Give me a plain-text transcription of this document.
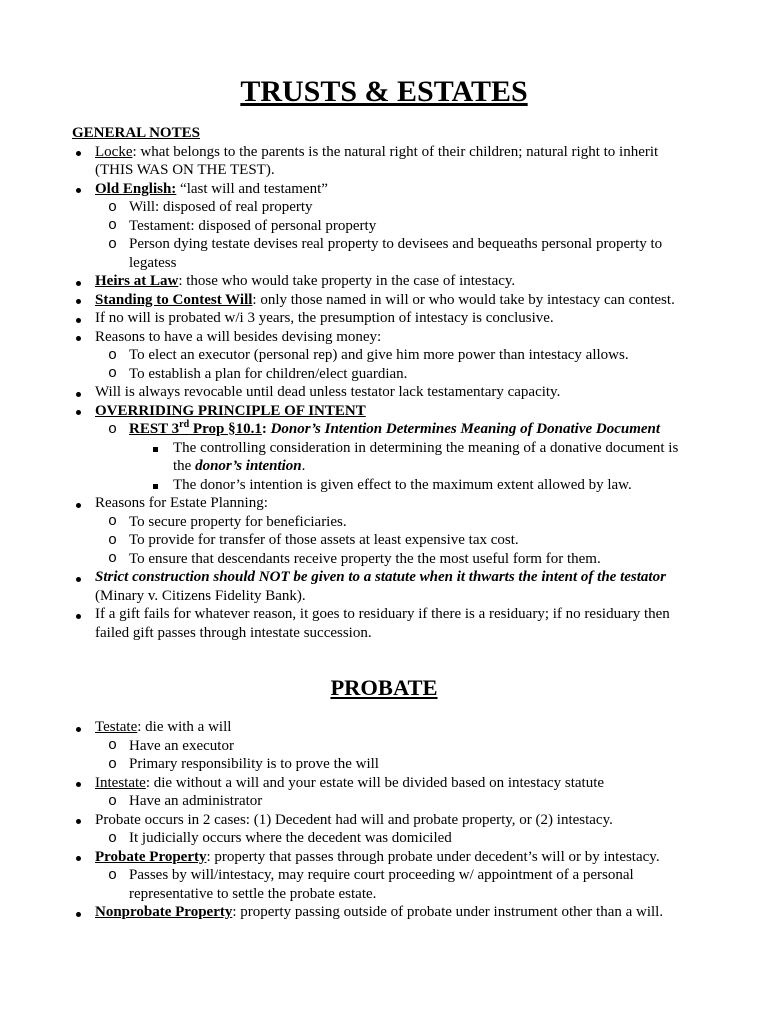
TRUSTS & ESTATES
GENERAL NOTES
Locke: what belongs to the parents is the natural right of their children; natural right to inherit (THIS WAS ON THE TEST).
Old English: “last will and testament”
o Will: disposed of real property
o Testament: disposed of personal property
o Person dying testate devises real property to devisees and bequeaths personal property to legatess
Heirs at Law: those who would take property in the case of intestacy.
Standing to Contest Will: only those named in will or who would take by intestacy can contest.
If no will is probated w/i 3 years, the presumption of intestacy is conclusive.
Reasons to have a will besides devising money:
o To elect an executor (personal rep) and give him more power than intestacy allows.
o To establish a plan for children/elect guardian.
Will is always revocable until dead unless testator lack testamentary capacity.
OVERRIDING PRINCIPLE OF INTENT
o REST 3rd Prop §10.1: Donor’s Intention Determines Meaning of Donative Document
The controlling consideration in determining the meaning of a donative document is the donor’s intention.
The donor’s intention is given effect to the maximum extent allowed by law.
Reasons for Estate Planning:
o To secure property for beneficiaries.
o To provide for transfer of those assets at least expensive tax cost.
o To ensure that descendants receive property the the most useful form for them.
Strict construction should NOT be given to a statute when it thwarts the intent of the testator (Minary v. Citizens Fidelity Bank).
If a gift fails for whatever reason, it goes to residuary if there is a residuary; if no residuary then failed gift passes through intestate succession.
PROBATE
Testate: die with a will
o Have an executor
o Primary responsibility is to prove the will
Intestate: die without a will and your estate will be divided based on intestacy statute
o Have an administrator
Probate occurs in 2 cases: (1) Decedent had will and probate property, or (2) intestacy.
o It judicially occurs where the decedent was domiciled
Probate Property: property that passes through probate under decedent’s will or by intestacy.
o Passes by will/intestacy, may require court proceeding w/ appointment of a personal representative to settle the probate estate.
Nonprobate Property: property passing outside of probate under instrument other than a will.
